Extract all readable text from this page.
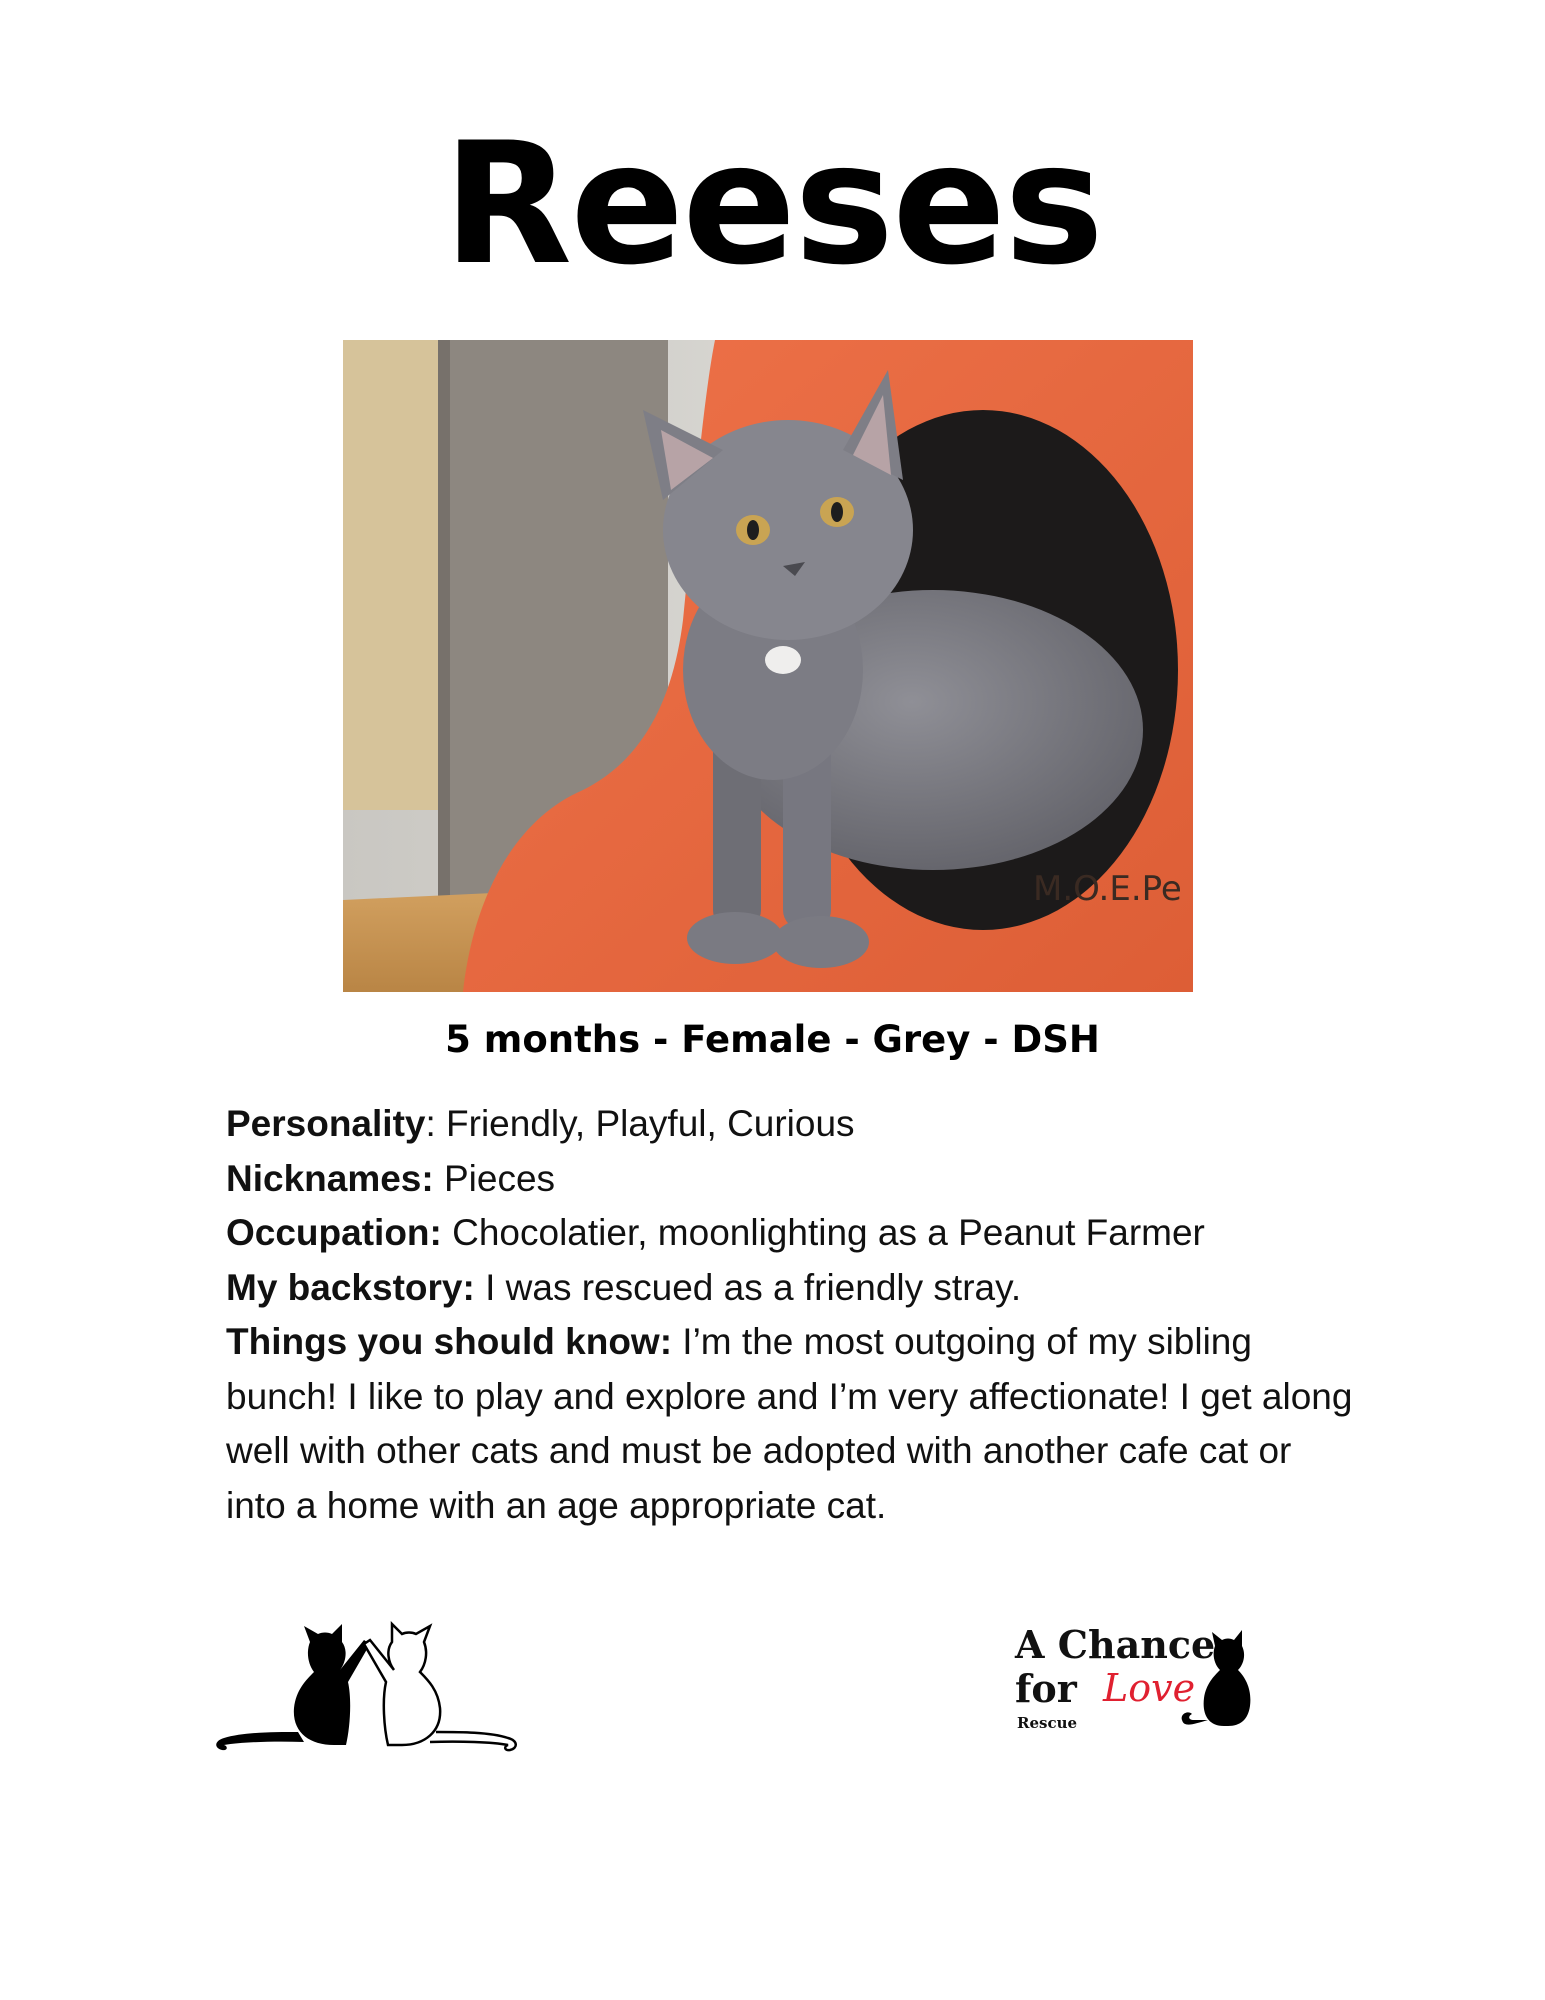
Reeses
M.O.E.Pe
5 months - Female - Grey - DSH

Personality: Friendly, Playful, Curious

Nicknames: Pieces

Occupation: Chocolatier, moonlighting as a Peanut Farmer

My backstory: I was rescued as a friendly stray.

Things you should know: I’m the most outgoing of my sibling bunch! I like to play and explore and I’m very affectionate! I get along well with other cats and must be adopted with another cafe cat or into a home with an age appropriate cat.

A Chance
for Love
Rescue
